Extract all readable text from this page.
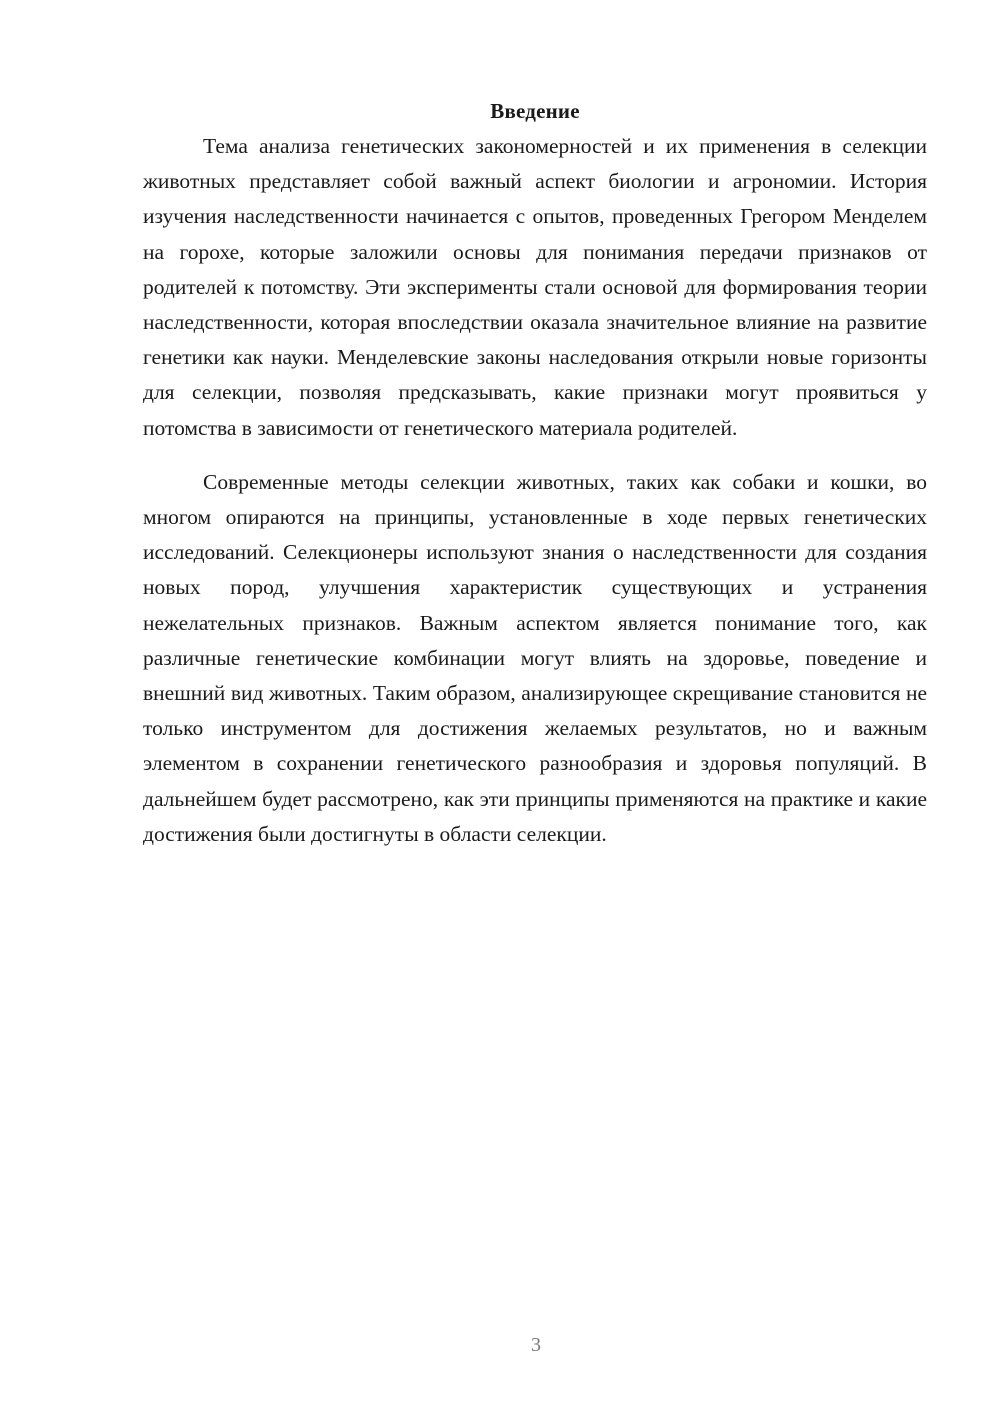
Введение

Тема анализа генетических закономерностей и их применения в селекции животных представляет собой важный аспект биологии и агрономии. История изучения наследственности начинается с опытов, проведенных Грегором Менделем на горохе, которые заложили основы для понимания передачи признаков от родителей к потомству. Эти эксперименты стали основой для формирования теории наследственности, которая впоследствии оказала значительное влияние на развитие генетики как науки. Менделевские законы наследования открыли новые горизонты для селекции, позволяя предсказывать, какие признаки могут проявиться у потомства в зависимости от генетического материала родителей.

Современные методы селекции животных, таких как собаки и кошки, во многом опираются на принципы, установленные в ходе первых генетических исследований. Селекционеры используют знания о наследственности для создания новых пород, улучшения характеристик существующих и устранения нежелательных признаков. Важным аспектом является понимание того, как различные генетические комбинации могут влиять на здоровье, поведение и внешний вид животных. Таким образом, анализирующее скрещивание становится не только инструментом для достижения желаемых результатов, но и важным элементом в сохранении генетического разнообразия и здоровья популяций. В дальнейшем будет рассмотрено, как эти принципы применяются на практике и какие достижения были достигнуты в области селекции.

3
